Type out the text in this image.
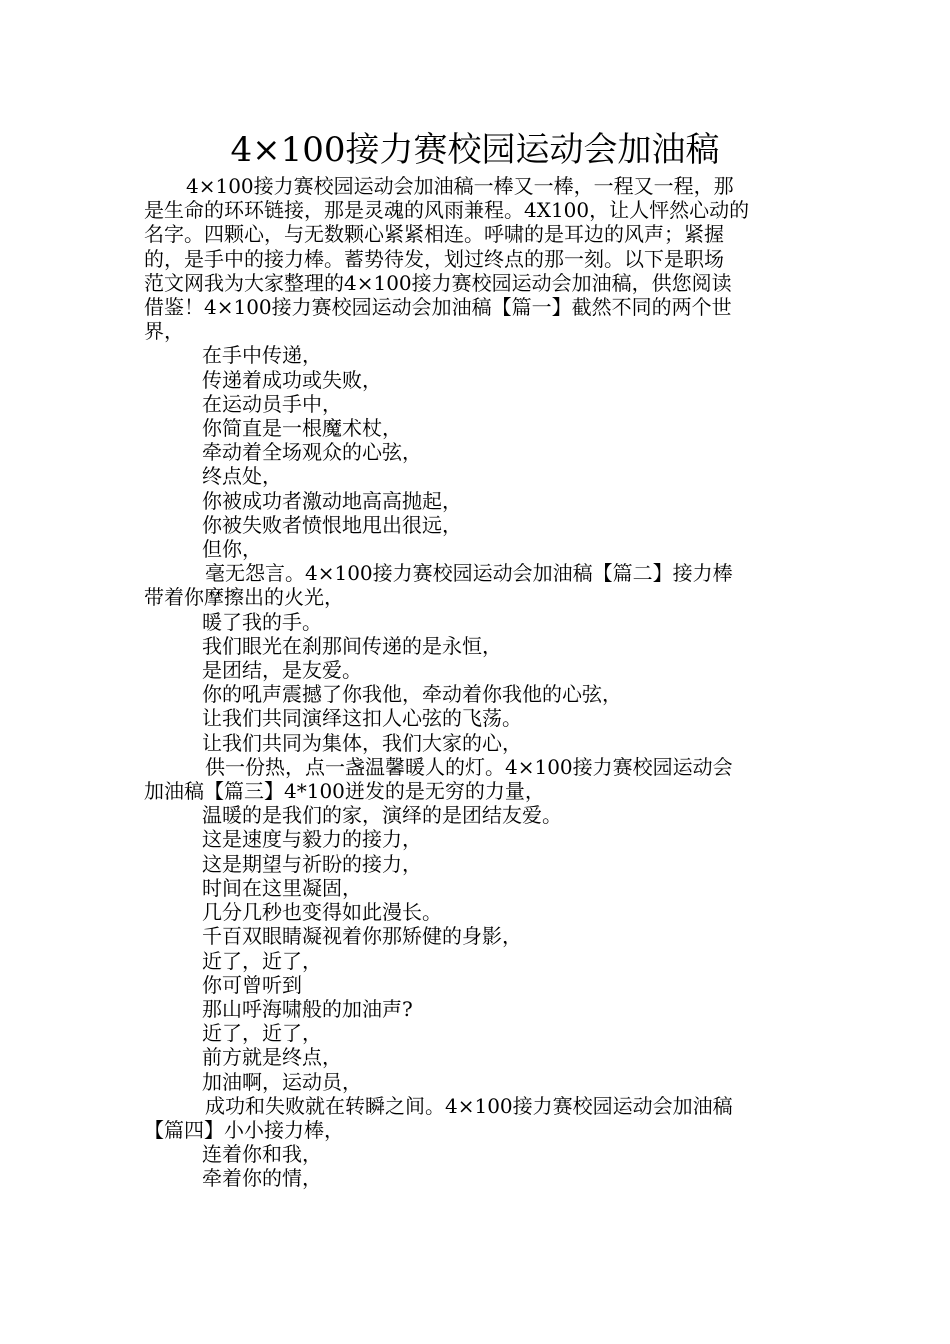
4×100接力赛校园运动会加油稿

4×100接力赛校园运动会加油稿一棒又一棒，一程又一程，那

是生命的环环链接，那是灵魂的风雨兼程。4X100，让人怦然心动的

名字。四颗心，与无数颗心紧紧相连。呼啸的是耳边的风声；紧握

的，是手中的接力棒。蓄势待发，划过终点的那一刻。以下是职场

范文网我为大家整理的4×100接力赛校园运动会加油稿，供您阅读

借鉴！4×100接力赛校园运动会加油稿【篇一】截然不同的两个世

界，

在手中传递，

传递着成功或失败，

在运动员手中，

你简直是一根魔术杖，

牵动着全场观众的心弦，

终点处，

你被成功者激动地高高抛起，

你被失败者愤恨地甩出很远，

但你，

毫无怨言。4×100接力赛校园运动会加油稿【篇二】接力棒

带着你摩擦出的火光，

暖了我的手。

我们眼光在刹那间传递的是永恒，

是团结，是友爱。

你的吼声震撼了你我他，牵动着你我他的心弦，

让我们共同演绎这扣人心弦的飞荡。

让我们共同为集体，我们大家的心，

供一份热，点一盏温馨暖人的灯。4×100接力赛校园运动会

加油稿【篇三】4*100迸发的是无穷的力量，

温暖的是我们的家，演绎的是团结友爱。

这是速度与毅力的接力，

这是期望与祈盼的接力，

时间在这里凝固，

几分几秒也变得如此漫长。

千百双眼睛凝视着你那矫健的身影，

近了，近了，

你可曾听到

那山呼海啸般的加油声?

近了，近了，

前方就是终点，

加油啊，运动员，

成功和失败就在转瞬之间。4×100接力赛校园运动会加油稿

【篇四】小小接力棒，

连着你和我，

牵着你的情，
